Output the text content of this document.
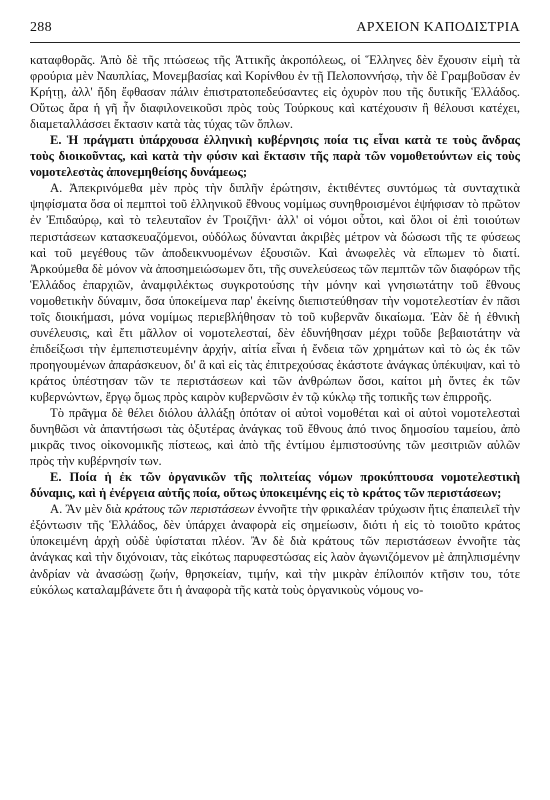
288	ΑΡΧΕΙΟΝ ΚΑΠΟΔΙΣΤΡΙΑ

καταφθορᾶς. Ἀπὸ δὲ τῆς πτώσεως τῆς Ἀττικῆς ἀκροπόλεως, οἱ Ἕλληνες δὲν ἔχουσιν εἰμὴ τὰ φρούρια μὲν Ναυπλίας, Μονεμβασίας καὶ Κορίνθου ἐν τῇ Πελοποννήσῳ, τὴν δὲ Γραμβοῦσαν ἐν Κρήτῃ, ἀλλ' ἤδη ἔφθασαν πάλιν ἐπιστρατοπεδεύσαντες εἰς ὀχυρὸν που τῆς δυτικῆς Ἑλλάδος. Οὕτως ἄρα ἡ γῆ ἦν διαφιλονεικοῦσι πρὸς τοὺς Τούρκους καὶ κατέχουσιν ἢ θέλουσι κατέχει, διαμεταλλάσσει ἔκτασιν κατὰ τὰς τύχας τῶν ὅπλων.

Ε. Ἡ πράγματι ὑπάρχουσα ἑλληνικὴ κυβέρνησις ποία τις εἶναι κατὰ τε τοὺς ἄνδρας τοὺς διοικοῦντας, καὶ κατὰ τὴν φύσιν καὶ ἔκτασιν τῆς παρὰ τῶν νομοθετούντων εἰς τοὺς νομοτελεστὰς ἀπονεμηθείσης δυνάμεως;

Α. Ἀπεκρινόμεθα μὲν πρὸς τὴν διπλῆν ἐρώτησιν, ἐκτιθέντες συντόμως τὰ συνταχτικὰ ψηφίσματα ὅσα οἱ πεμπτοὶ τοῦ ἑλληνικοῦ ἔθνους νομίμως συνηθροισμένοι ἐψήφισαν τὸ πρῶτον ἐν Ἐπιδαύρῳ, καὶ τὸ τελευταῖον ἐν Τροιζῆνι· ἀλλ' οἱ νόμοι οὗτοι, καὶ ὅλοι οἱ ἐπὶ τοιούτων περιστάσεων κατασκευαζόμενοι, οὐδόλως δύνανται ἀκριβὲς μέτρον νὰ δώσωσι τῆς τε φύσεως καὶ τοῦ μεγέθους τῶν ἀποδεικνυομένων ἐξουσιῶν. Καὶ ἀνωφελὲς νὰ εἴπωμεν τὸ διατί. Ἀρκούμεθα δὲ μόνον νὰ ἀποσημειώσωμεν ὅτι, τῆς συνελεύσεως τῶν πεμπτῶν τῶν διαφόρων τῆς Ἑλλάδος ἐπαρχιῶν, ἀναμφιλέκτως συγκροτούσης τὴν μόνην καὶ γνησιωτάτην τοῦ ἔθνους νομοθετικὴν δύναμιν, ὅσα ὑποκείμενα παρ' ἐκείνης διεπιστεύθησαν τὴν νομοτελεστίαν ἐν πᾶσι τοῖς διοικήμασι, μόνα νομίμως περιεβλήθησαν τὸ τοῦ κυβερνᾶν δικαίωμα. Ἐὰν δὲ ἡ ἐθνικὴ συνέλευσις, καὶ ἔτι μᾶλλον οἱ νομοτελεσταί, δὲν ἐδυνήθησαν μέχρι τοῦδε βεβαιοτάτην νὰ ἐπιδείξωσι τὴν ἐμπεπιστευμένην ἀρχήν, αἰτία εἶναι ἡ ἔνδεια τῶν χρημάτων καὶ τὸ ὡς ἐκ τῶν προηγουμένων ἀπαράσκευον, δι' ἃ καὶ εἰς τὰς ἐπιτρεχούσας ἑκάστοτε ἀνάγκας ὑπέκυψαν, καὶ τὸ κράτος ὑπέστησαν τῶν τε περιστάσεων καὶ τῶν ἀνθρώπων ὅσοι, καίτοι μὴ ὄντες ἐκ τῶν κυβερνώντων, ἔργῳ ὅμως πρὸς καιρὸν κυβερνῶσιν ἐν τῷ κύκλῳ τῆς τοπικῆς των ἐπιρροῆς.

Τὸ πρᾶγμα δὲ θέλει διόλου ἀλλάξῃ ὁπόταν οἱ αὐτοὶ νομοθέται καὶ οἱ αὐτοὶ νομοτελεσταὶ δυνηθῶσι νὰ ἀπαντήσωσι τὰς ὀξυτέρας ἀνάγκας τοῦ ἔθνους ἀπό τινος δημοσίου ταμείου, ἀπὸ μικρᾶς τινος οἰκονομικῆς πίστεως, καὶ ἀπὸ τῆς ἐντίμου ἐμπιστοσύνης τῶν μεσιτριῶν αὐλῶν πρὸς τὴν κυβέρνησίν των.

Ε. Ποία ἡ ἐκ τῶν ὀργανικῶν τῆς πολιτείας νόμων προκύπτουσα νομοτελεστικὴ δύναμις, καὶ ἡ ἐνέργεια αὐτῆς ποία, οὕτως ὑποκειμένης εἰς τὸ κράτος τῶν περιστάσεων;

Α. Ἂν μὲν διὰ κράτους τῶν περιστάσεων ἐννοῆτε τὴν φρικαλέαν τρύχωσιν ἥτις ἐπαπειλεῖ τὴν ἐξόντωσιν τῆς Ἑλλάδος, δὲν ὑπάρχει ἀναφορὰ εἰς σημείωσιν, διότι ἡ εἰς τὸ τοιοῦτο κράτος ὑποκειμένη ἀρχὴ οὐδὲ ὑφίσταται πλέον. Ἂν δὲ διὰ κράτους τῶν περιστάσεων ἐννοῆτε τὰς ἀνάγκας καὶ τὴν διχόνοιαν, τὰς εἰκότως παρυφεστώσας εἰς λαὸν ἀγωνιζόμενον μὲ ἀπηλπισμένην ἀνδρίαν νὰ ἀνασώσῃ ζωήν, θρησκείαν, τιμήν, καὶ τὴν μικρὰν ἐπίλοιπόν κτῆσιν του, τότε εὐκόλως καταλαμβάνετε ὅτι ἡ ἀναφορὰ τῆς κατὰ τοὺς ὀργανικοὺς νόμους νο-
